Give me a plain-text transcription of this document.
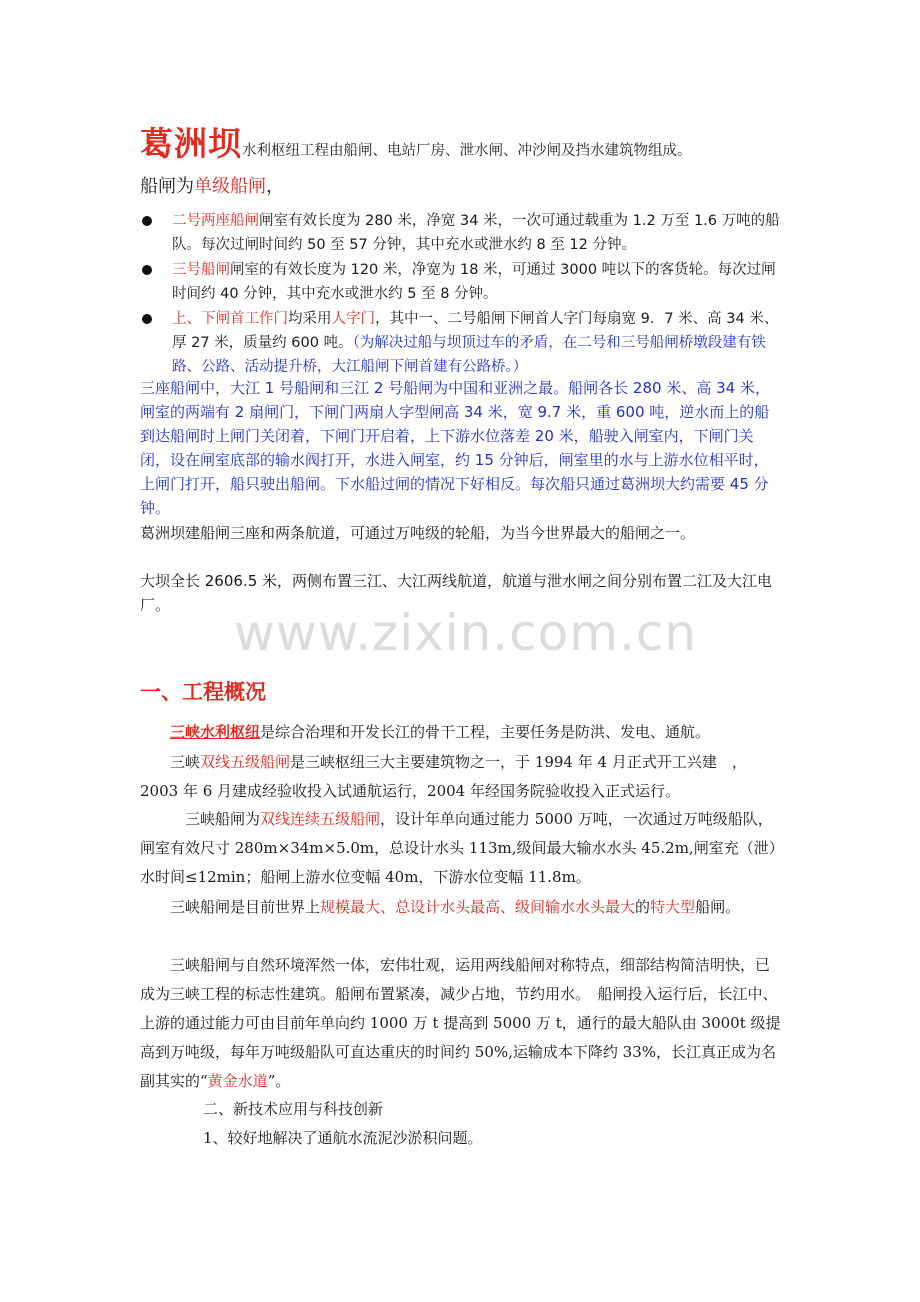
葛洲坝水利枢纽工程由船闸、电站厂房、泄水闸、冲沙闸及挡水建筑物组成。
船闸为单级船闸，
二号两座船闸闸室有效长度为 280 米，净宽 34 米，一次可通过载重为 1.2 万至 1.6 万吨的船队。每次过闸时间约 50 至 57 分钟，其中充水或泄水约 8 至 12 分钟。
三号船闸闸室的有效长度为 120 米，净宽为 18 米，可通过 3000 吨以下的客货轮。每次过闸时间约 40 分钟，其中充水或泄水约 5 至 8 分钟。
上、下闸首工作门均采用人字门，其中一、二号船闸下闸首人字门每扇宽 9．7 米、高 34 米、厚 27 米，质量约 600 吨。（为解决过船与坝顶过车的矛盾，在二号和三号船闸桥墩段建有铁路、公路、活动提升桥，大江船闸下闸首建有公路桥。）
三座船闸中，大江 1 号船闸和三江 2 号船闸为中国和亚洲之最。船闸各长 280 米、高 34 米，闸室的两端有 2 扇闸门，下闸门两扇人字型闸高 34 米，宽 9.7 米，重 600 吨，逆水而上的船到达船闸时上闸门关闭着，下闸门开启着，上下游水位落差 20 米，船驶入闸室内，下闸门关闭，设在闸室底部的输水阀打开，水进入闸室，约 15 分钟后，闸室里的水与上游水位相平时，上闸门打开，船只驶出船闸。下水船过闸的情况下好相反。每次船只通过葛洲坝大约需要 45 分钟。
葛洲坝建船闸三座和两条航道，可通过万吨级的轮船，为当今世界最大的船闸之一。
大坝全长 2606.5 米，两侧布置三江、大江两线航道，航道与泄水闸之间分别布置二江及大江电厂。	www.zixin.com.cn
一、工程概况
三峡水利枢纽是综合治理和开发长江的骨干工程，主要任务是防洪、发电、通航。
三峡双线五级船闸是三峡枢纽三大主要建筑物之一，于 1994 年 4 月正式开工兴建　，2003 年 6 月建成经验收投入试通航运行，2004 年经国务院验收投入正式运行。
三峡船闸为双线连续五级船闸，设计年单向通过能力 5000 万吨，一次通过万吨级船队，闸室有效尺寸 280m×34m×5.0m，总设计水头 113m,级间最大输水水头 45.2m,闸室充（泄）水时间≤12min；船闸上游水位变幅 40m，下游水位变幅 11.8m。
三峡船闸是目前世界上规模最大、总设计水头最高、级间输水水头最大的特大型船闸。
三峡船闸与自然环境浑然一体，宏伟壮观，运用两线船闸对称特点，细部结构简洁明快，已成为三峡工程的标志性建筑。船闸布置紧凑，减少占地，节约用水。　船闸投入运行后，长江中、上游的通过能力可由目前年单向约 1000 万 t 提高到 5000 万 t，通行的最大船队由 3000t 级提高到万吨级，每年万吨级船队可直达重庆的时间约 50%,运输成本下降约 33%，长江真正成为名副其实的“黄金水道”。
二、新技术应用与科技创新
1、较好地解决了通航水流泥沙淤积问题。
